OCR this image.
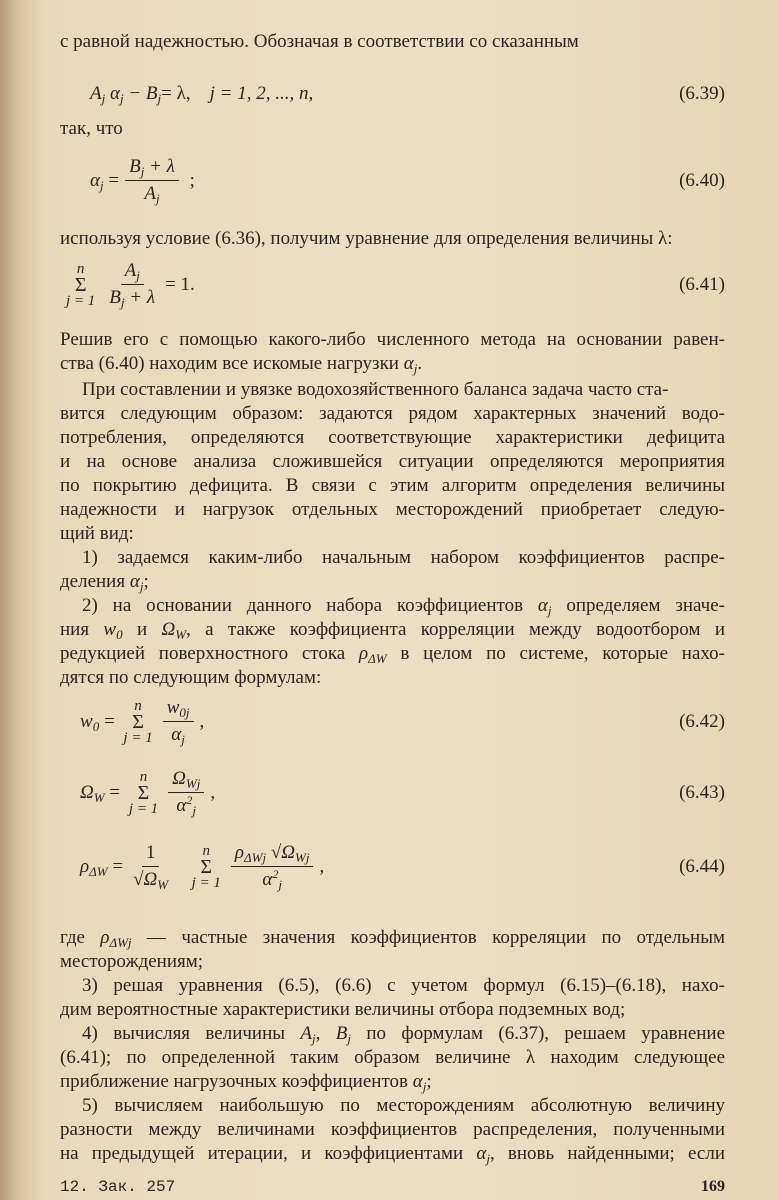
с равной надежностью. Обозначая в соответствии со сказанным
$A_j$ $\alpha_j - B_j = \lambda$,
j = 1, 2, ..., n,	(6.39)
так, что
$\alpha_j$
= $\frac{B_j + \lambda}{A_j}$
;	(6.40)
используя условие (6.36), получим уравнение для определения величины λ:
n
Σ
$j = 1 \frac{A_j}{B_j + \lambda} = 1$.	(6.41)
Решив его с помощью какого-либо численного метода на основании равен-
ства (6.40) находим все искомые нагрузки $\alpha_j$.
При составлении и увязке водохозяйственного баланса задача часто ста-
вится следующим образом: задаются рядом характерных значений водо-
потребления, определяются соответствующие характеристики дефицита
и на основе анализа сложившейся ситуации определяются мероприятия
по покрытию дефицита. В связи с этим алгоритм определения величины
надежности и нагрузок отдельных месторождений приобретает следую-
щий вид:
1) задаемся каким-либо начальным набором коэффициентов распре-
деления $\alpha_j$;
2) на основании данного набора коэффициентов $\alpha_j$ определяем значе-
ния $w_0$ и $\Omega_W$, а также коэффициента корреляции между водоотбором и
редукцией поверхностного стока $\rho_{\Delta W}$ в целом по системе, которые нахо-
дятся по следующим формулам:
$w_0$ =
n
Σ
$j = 1 \frac{w_{0j}}{\alpha_j}$ ,	(6.42)
$\Omega_W$ =
n
Σ
$j = 1 \frac{\Omega_{Wj}}{\alpha^2_j}$ ,	(6.43)
$\rho_{\Delta W} = \frac{1}{√\Omega_W}$
n
Σ
$j = 1 \frac{\rho_{\Delta Wj} √\Omega_{Wj}}{\alpha^2_j}$ ,	(6.44)
где $\rho_{\Delta Wj}$ — частные значения коэффициентов корреляции по отдельным
месторождениям;
3) решая уравнения (6.5), (6.6) с учетом формул (6.15)–(6.18), нахо-
дим вероятностные характеристики величины отбора подземных вод;
4) вычисляя величины $A_j$, $B_j$ по формулам (6.37), решаем уравнение
(6.41); по определенной таким образом величине λ находим следующее
приближение нагрузочных коэффициентов $\alpha_j$;
5) вычисляем наибольшую по месторождениям абсолютную величину
разности между величинами коэффициентов распределения, полученными
на предыдущей итерации, и коэффициентами $\alpha_j$, вновь найденными; если
12. Зак. 257	169
